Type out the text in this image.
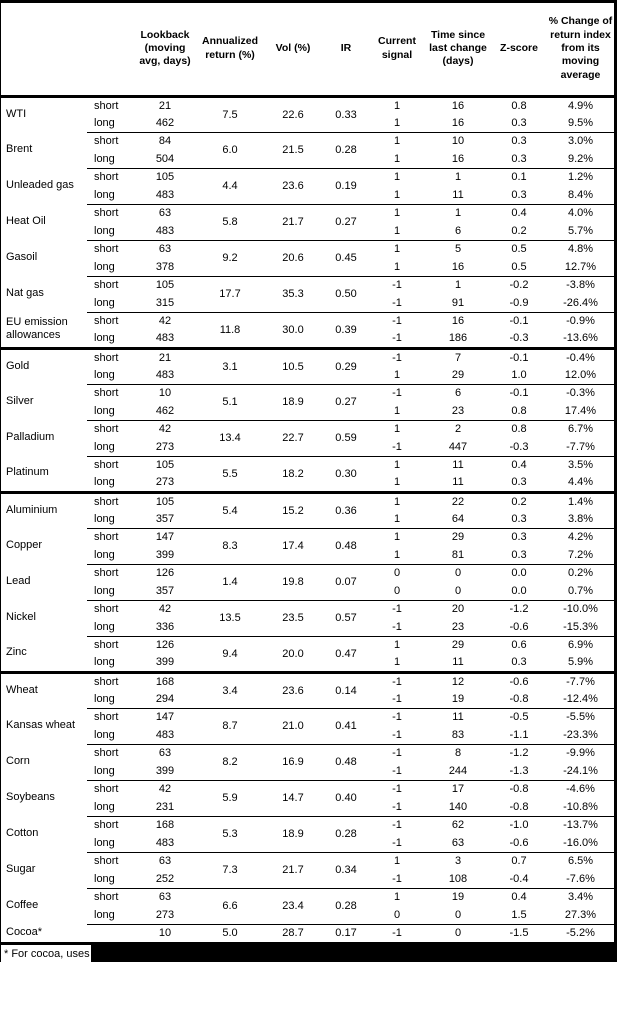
		Lookback (moving avg, days)	Annualized return (%)	Vol (%)	IR	Current signal	Time since last change (days)	Z-score	% Change of return index from its moving average
WTI	short	21	7.5	22.6	0.33	1	16	0.8	4.9%
	long	462				1	16	0.3	9.5%
Brent	short	84	6.0	21.5	0.28	1	10	0.3	3.0%
	long	504				1	16	0.3	9.2%
Unleaded gas	short	105	4.4	23.6	0.19	1	1	0.1	1.2%
	long	483				1	11	0.3	8.4%
Heat Oil	short	63	5.8	21.7	0.27	1	1	0.4	4.0%
	long	483				1	6	0.2	5.7%
Gasoil	short	63	9.2	20.6	0.45	1	5	0.5	4.8%
	long	378				1	16	0.5	12.7%
Nat gas	short	105	17.7	35.3	0.50	-1	1	-0.2	-3.8%
	long	315				-1	91	-0.9	-26.4%
EU emission allowances	short	42	11.8	30.0	0.39	-1	16	-0.1	-0.9%
	long	483				-1	186	-0.3	-13.6%
Gold	short	21	3.1	10.5	0.29	-1	7	-0.1	-0.4%
	long	483				1	29	1.0	12.0%
Silver	short	10	5.1	18.9	0.27	-1	6	-0.1	-0.3%
	long	462				1	23	0.8	17.4%
Palladium	short	42	13.4	22.7	0.59	1	2	0.8	6.7%
	long	273				-1	447	-0.3	-7.7%
Platinum	short	105	5.5	18.2	0.30	1	11	0.4	3.5%
	long	273				1	11	0.3	4.4%
Aluminium	short	105	5.4	15.2	0.36	1	22	0.2	1.4%
	long	357				1	64	0.3	3.8%
Copper	short	147	8.3	17.4	0.48	1	29	0.3	4.2%
	long	399				1	81	0.3	7.2%
Lead	short	126	1.4	19.8	0.07	0	0	0.0	0.2%
	long	357				0	0	0.0	0.7%
Nickel	short	42	13.5	23.5	0.57	-1	20	-1.2	-10.0%
	long	336				-1	23	-0.6	-15.3%
Zinc	short	126	9.4	20.0	0.47	1	29	0.6	6.9%
	long	399				1	11	0.3	5.9%
Wheat	short	168	3.4	23.6	0.14	-1	12	-0.6	-7.7%
	long	294				-1	19	-0.8	-12.4%
Kansas wheat	short	147	8.7	21.0	0.41	-1	11	-0.5	-5.5%
	long	483				-1	83	-1.1	-23.3%
Corn	short	63	8.2	16.9	0.48	-1	8	-1.2	-9.9%
	long	399				-1	244	-1.3	-24.1%
Soybeans	short	42	5.9	14.7	0.40	-1	17	-0.8	-4.6%
	long	231				-1	140	-0.8	-10.8%
Cotton	short	168	5.3	18.9	0.28	-1	62	-1.0	-13.7%
	long	483				-1	63	-0.6	-16.0%
Sugar	short	63	7.3	21.7	0.34	1	3	0.7	6.5%
	long	252				-1	108	-0.4	-7.6%
Coffee	short	63	6.6	23.4	0.28	1	19	0.4	3.4%
	long	273				0	0	1.5	27.3%
Cocoa*		10	5.0	28.7	0.17	-1	0	-1.5	-5.2%
* For cocoa, uses
